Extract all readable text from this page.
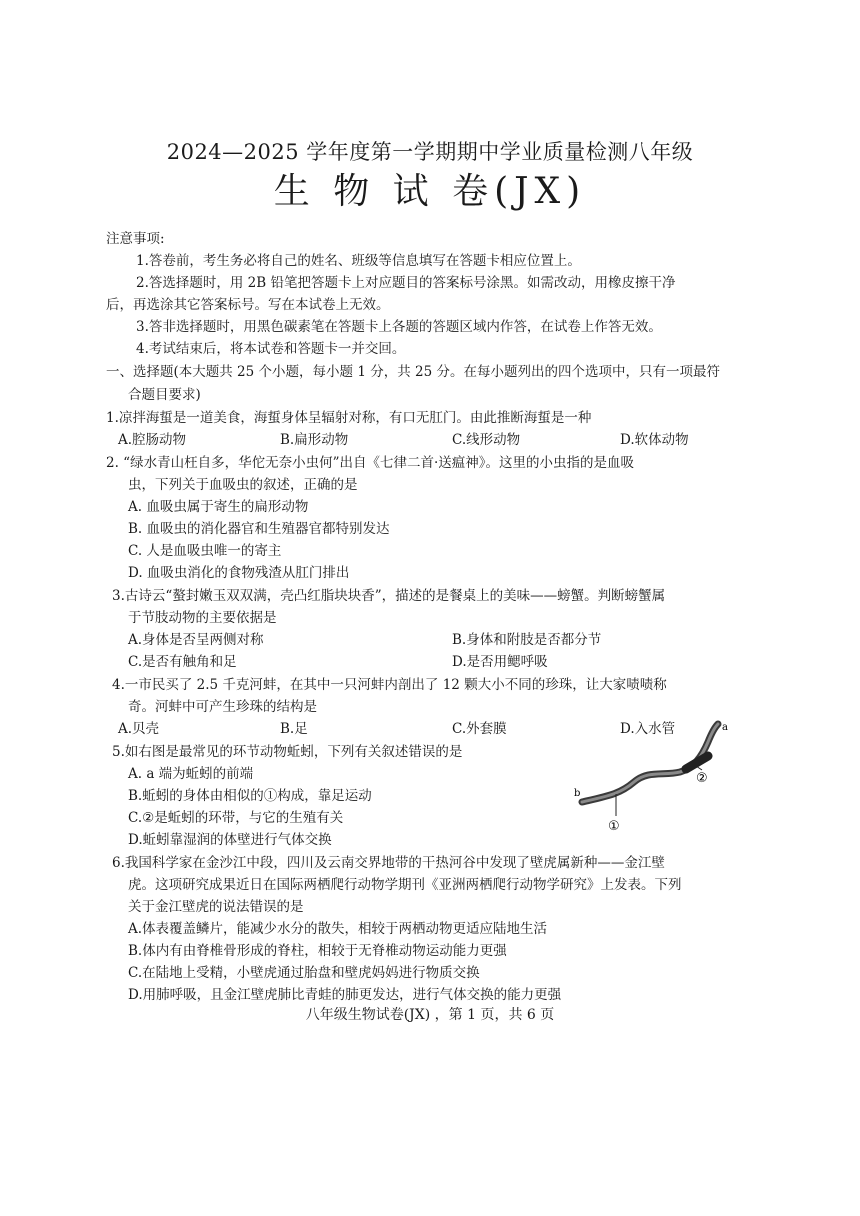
2024—2025 学年度第一学期期中学业质量检测八年级
生 物 试 卷(JX)
注意事项:
1.答卷前，考生务必将自己的姓名、班级等信息填写在答题卡相应位置上。
2.答选择题时，用 2B 铅笔把答题卡上对应题目的答案标号涂黑。如需改动，用橡皮擦干净
后，再选涂其它答案标号。写在本试卷上无效。
3.答非选择题时，用黑色碳素笔在答题卡上各题的答题区域内作答，在试卷上作答无效。
4.考试结束后，将本试卷和答题卡一并交回。
一、选择题(本大题共 25 个小题，每小题 1 分，共 25 分。在每小题列出的四个选项中，只有一项最符
合题目要求)
1.凉拌海蜇是一道美食，海蜇身体呈辐射对称，有口无肛门。由此推断海蜇是一种
A.腔肠动物	B.扁形动物	C.线形动物	D.软体动物
2. “绿水青山枉自多，华佗无奈小虫何”出自《七律二首·送瘟神》。这里的小虫指的是血吸
虫，下列关于血吸虫的叙述，正确的是
A. 血吸虫属于寄生的扁形动物
B. 血吸虫的消化器官和生殖器官都特别发达
C. 人是血吸虫唯一的寄主
D. 血吸虫消化的食物残渣从肛门排出
3.古诗云“螯封嫩玉双双满，壳凸红脂块块香”，描述的是餐桌上的美味——螃蟹。判断螃蟹属
于节肢动物的主要依据是
A.身体是否呈两侧对称	B.身体和附肢是否都分节
C.是否有触角和足	D.是否用鳃呼吸
4.一市民买了 2.5 千克河蚌，在其中一只河蚌内剖出了 12 颗大小不同的珍珠，让大家啧啧称
奇。河蚌中可产生珍珠的结构是
A.贝壳	B.足	C.外套膜	D.入水管
5.如右图是最常见的环节动物蚯蚓，下列有关叙述错误的是
A. a 端为蚯蚓的前端
B.蚯蚓的身体由相似的①构成，靠足运动
C.②是蚯蚓的环带，与它的生殖有关
D.蚯蚓靠湿润的体壁进行气体交换
a
b
①
②
6.我国科学家在金沙江中段，四川及云南交界地带的干热河谷中发现了壁虎属新种——金江壁
虎。这项研究成果近日在国际两栖爬行动物学期刊《亚洲两栖爬行动物学研究》上发表。下列
关于金江壁虎的说法错误的是
A.体表覆盖鳞片，能减少水分的散失，相较于两栖动物更适应陆地生活
B.体内有由脊椎骨形成的脊柱，相较于无脊椎动物运动能力更强
C.在陆地上受精，小壁虎通过胎盘和壁虎妈妈进行物质交换
D.用肺呼吸，且金江壁虎肺比青蛙的肺更发达，进行气体交换的能力更强
八年级生物试卷(JX) ，第 1 页，共 6 页
